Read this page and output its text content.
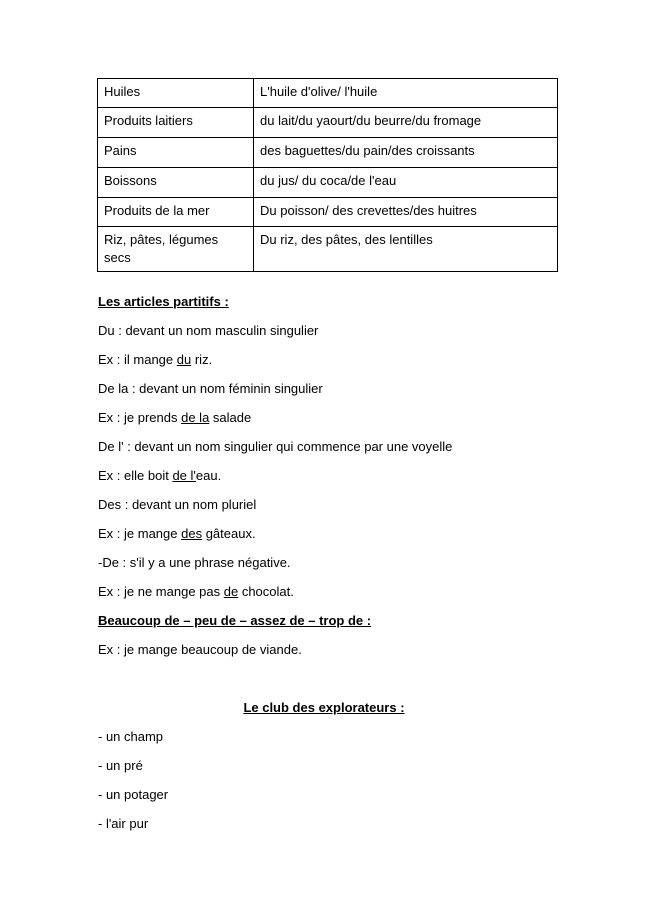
Huiles	L'huile d'olive/ l'huile
Produits laitiers	du lait/du yaourt/du beurre/du fromage
Pains	des baguettes/du pain/des croissants
Boissons	du jus/ du coca/de l'eau
Produits de la mer	Du poisson/ des crevettes/des huitres
Riz, pâtes, légumes secs	Du riz, des pâtes, des lentilles
Les articles partitifs :
Du : devant un nom masculin singulier
Ex : il mange du riz.
De la : devant un nom féminin singulier
Ex : je prends de la salade
De l' : devant un nom singulier qui commence par une voyelle
Ex : elle boit de l'eau.
Des : devant un nom pluriel
Ex : je mange des gâteaux.
-De : s'il y a une phrase négative.
Ex : je ne mange pas de chocolat.
Beaucoup de – peu de – assez de – trop de :
Ex : je mange beaucoup de viande.
Le club des explorateurs :
- un champ
- un pré
- un potager
- l'air pur
